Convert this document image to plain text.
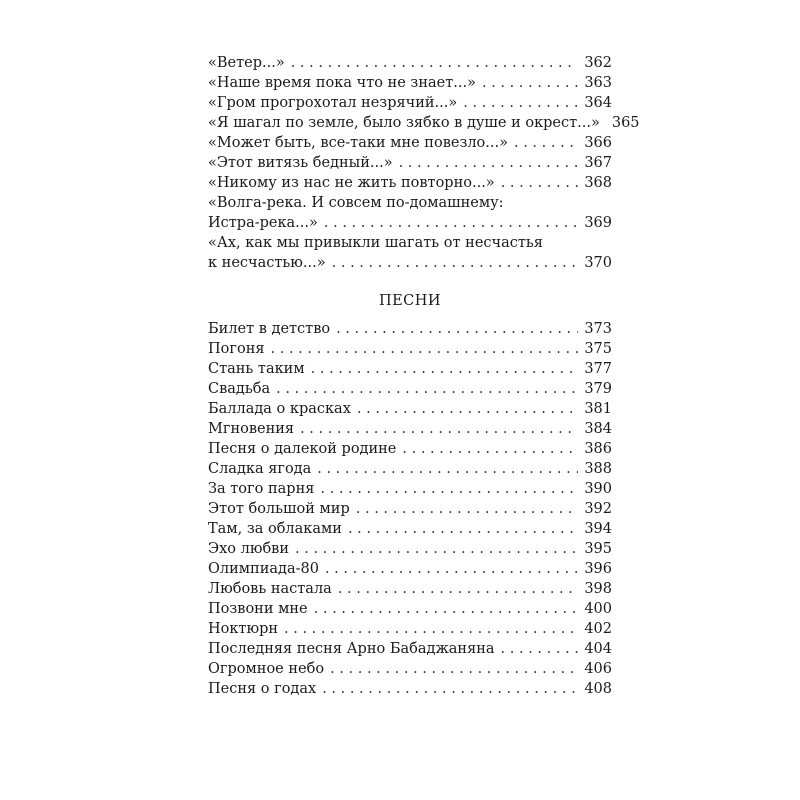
«Ветер...» . . .	362
«Наше время пока что не знает...» . . .	363
«Гром прогрохотал незрячий...» . . .	364
«Я шагал по земле, было зябко в душе и окрест...» 365
«Может быть, все-таки мне повезло...» . . .	366
«Этот витязь бедный...» . . .	367
«Никому из нас не жить повторно...» . . .	368
«Волга-река. И совсем по-домашнему:
Истра-река...» . . .	369
«Ах, как мы привыкли шагать от несчастья
к несчастью...» . . .	370
ПЕСНИ
Билет в детство . . .	373
Погоня . . .	375
Стань таким . . .	377
Свадьба . . .	379
Баллада о красках . . .	381
Мгновения . . .	384
Песня о далекой родине . . .	386
Сладка ягода . . .	388
За того парня . . .	390
Этот большой мир . . .	392
Там, за облаками . . .	394
Эхо любви . . .	395
Олимпиада-80 . . .	396
Любовь настала . . .	398
Позвони мне . . .	400
Ноктюрн . . .	402
Последняя песня Арно Бабаджаняна . . .	404
Огромное небо . . .	406
Песня о годах . . .	408
